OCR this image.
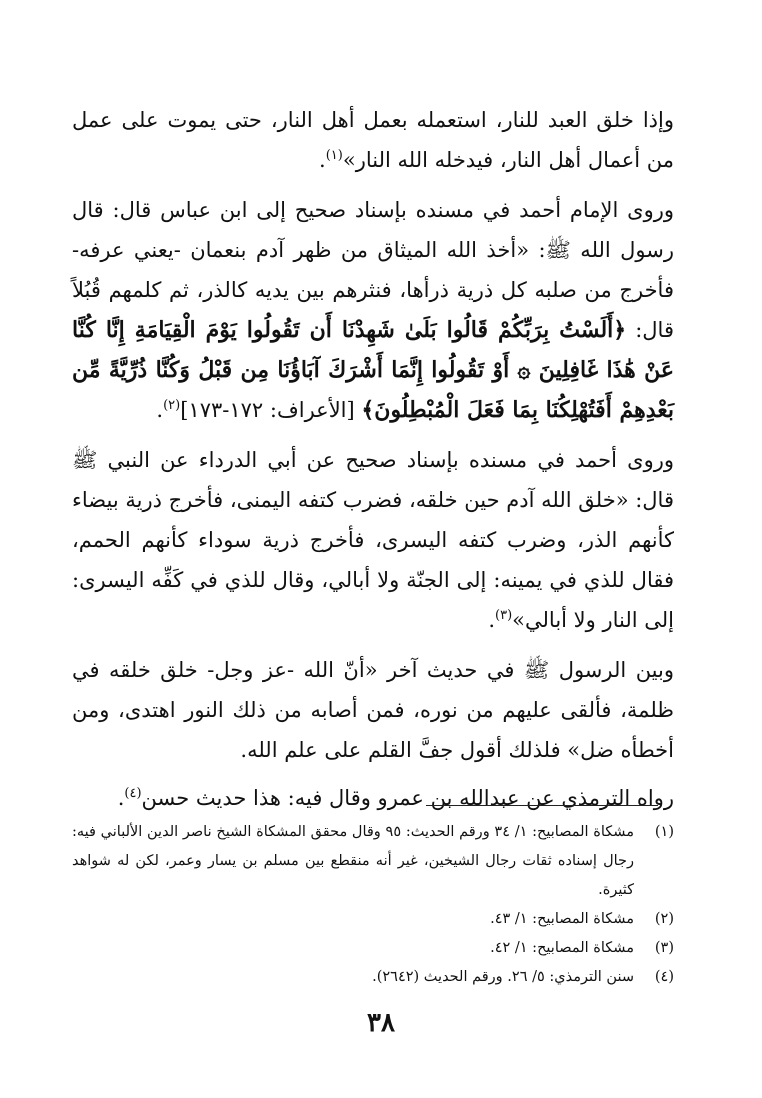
وإذا خلق العبد للنار، استعمله بعمل أهل النار، حتى يموت على عمل من أعمال أهل النار، فيدخله الله النار»$^{(١)}$.

وروى الإمام أحمد في مسنده بإسناد صحيح إلى ابن عباس قال: قال رسول الله ﷺ: «أخذ الله الميثاق من ظهر آدم بنعمان -يعني عرفه- فأخرج من صلبه كل ذرية ذرأها، فنثرهم بين يديه كالذر، ثم كلمهم قُبُلاً قال: ﴿أَلَسْتُ بِرَبِّكُمْ قَالُوا بَلَىٰ شَهِدْنَا أَن تَقُولُوا يَوْمَ الْقِيَامَةِ إِنَّا كُنَّا عَنْ هَٰذَا غَافِلِينَ ۞ أَوْ تَقُولُوا إِنَّمَا أَشْرَكَ آبَاؤُنَا مِن قَبْلُ وَكُنَّا ذُرِّيَّةً مِّن بَعْدِهِمْ أَفَتُهْلِكُنَا بِمَا فَعَلَ الْمُبْطِلُونَ﴾ [الأعراف: ١٧٢-١٧٣]$^{(٢)}$.

وروى أحمد في مسنده بإسناد صحيح عن أبي الدرداء عن النبي ﷺ قال: «خلق الله آدم حين خلقه، فضرب كتفه اليمنى، فأخرج ذرية بيضاء كأنهم الذر، وضرب كتفه اليسرى، فأخرج ذرية سوداء كأنهم الحمم، فقال للذي في يمينه: إلى الجنّة ولا أبالي، وقال للذي في كَفِّه اليسرى: إلى النار ولا أبالي»$^{(٣)}$.

وبين الرسول ﷺ في حديث آخر «أنّ الله -عز وجل- خلق خلقه في ظلمة، فألقى عليهم من نوره، فمن أصابه من ذلك النور اهتدى، ومن أخطأه ضل» فلذلك أقول جفَّ القلم على علم الله.

رواه الترمذي عن عبدالله بن عمرو وقال فيه: هذا حديث حسن$^{(٤)}$.

(١)
مشكاة المصابيح: ١/ ٣٤ ورقم الحديث: ٩٥ وقال محقق المشكاة الشيخ ناصر الدين الألباني فيه: رجال إسناده ثقات رجال الشيخين، غير أنه منقطع بين مسلم بن يسار وعمر، لكن له شواهد كثيرة.
(٢)
مشكاة المصابيح: ١/ ٤٣.
(٣)
مشكاة المصابيح: ١/ ٤٢.
(٤)
سنن الترمذي: ٥/ ٢٦. ورقم الحديث (٢٦٤٢).
٣٨
